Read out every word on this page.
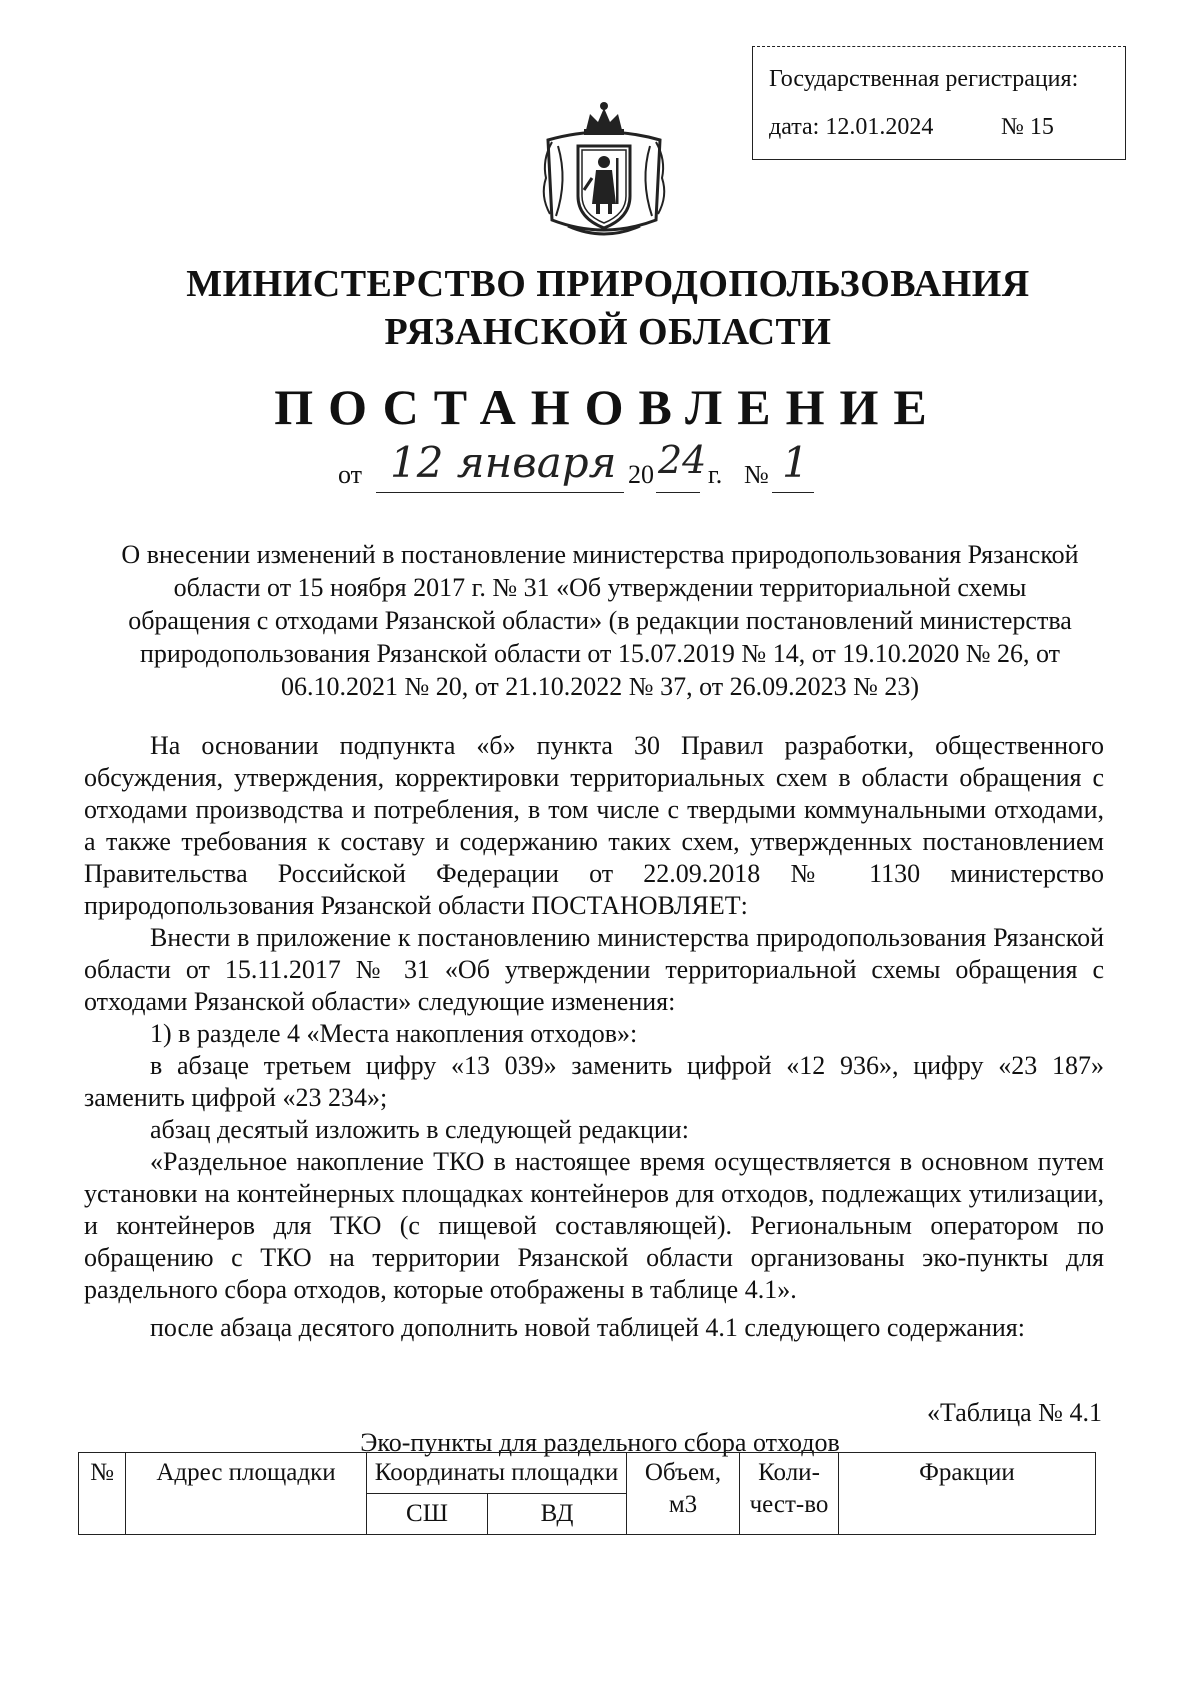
Государственная регистрация:
дата: 12.01.2024	№ 15
МИНИСТЕРСТВО ПРИРОДОПОЛЬЗОВАНИЯ
РЯЗАНСКОЙ ОБЛАСТИ
ПОСТАНОВЛЕНИЕ
от 12 января 20 24 г. № 1
О внесении изменений в постановление министерства природопользования Рязанской области от 15 ноября 2017 г. № 31 «Об утверждении территориальной схемы обращения с отходами Рязанской области» (в редакции постановлений министерства природопользования Рязанской области от 15.07.2019 № 14, от 19.10.2020 № 26, от 06.10.2021 № 20, от 21.10.2022 № 37, от 26.09.2023 № 23)

На основании подпункта «б» пункта 30 Правил разработки, общественного обсуждения, утверждения, корректировки территориальных схем в области обращения с отходами производства и потребления, в том числе с твердыми коммунальными отходами, а также требования к составу и содержанию таких схем, утвержденных постановлением Правительства Российской Федерации от 22.09.2018 № 1130 министерство природопользования Рязанской области ПОСТАНОВЛЯЕТ:

Внести в приложение к постановлению министерства природопользования Рязанской области от 15.11.2017 № 31 «Об утверждении территориальной схемы обращения с отходами Рязанской области» следующие изменения:

1) в разделе 4 «Места накопления отходов»:

в абзаце третьем цифру «13 039» заменить цифрой «12 936», цифру «23 187» заменить цифрой «23 234»;

абзац десятый изложить в следующей редакции:

«Раздельное накопление ТКО в настоящее время осуществляется в основном путем установки на контейнерных площадках контейнеров для отходов, подлежащих утилизации, и контейнеров для ТКО (с пищевой составляющей). Региональным оператором по обращению с ТКО на территории Рязанской области организованы эко-пункты для раздельного сбора отходов, которые отображены в таблице 4.1».

после абзаца десятого дополнить новой таблицей 4.1 следующего содержания:

«Таблица № 4.1
Эко-пункты для раздельного сбора отходов
№	Адрес площадки	Координаты площадки		Объем, м3	Коли-чест-во	Фракции
		СШ	ВД			
